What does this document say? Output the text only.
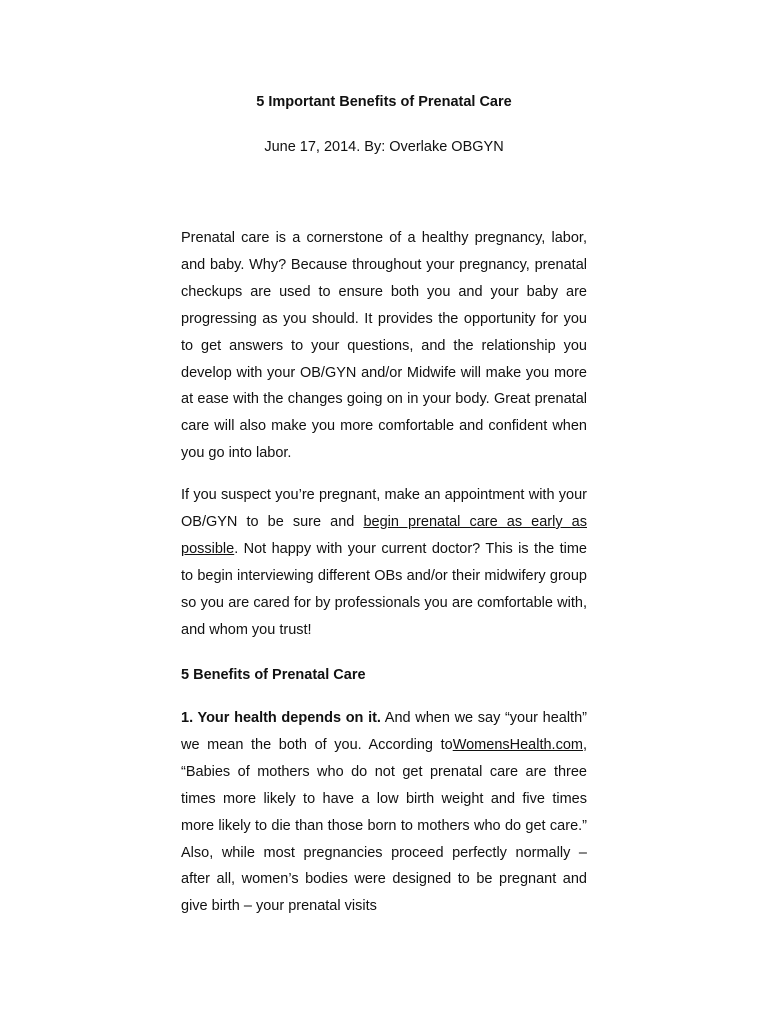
5 Important Benefits of Prenatal Care
June 17, 2014. By: Overlake OBGYN

Prenatal care is a cornerstone of a healthy pregnancy, labor, and baby. Why? Because throughout your pregnancy, prenatal checkups are used to ensure both you and your baby are progressing as you should. It provides the opportunity for you to get answers to your questions, and the relationship you develop with your OB/GYN and/or Midwife will make you more at ease with the changes going on in your body. Great prenatal care will also make you more comfortable and confident when you go into labor.

If you suspect you’re pregnant, make an appointment with your OB/GYN to be sure and begin prenatal care as early as possible. Not happy with your current doctor? This is the time to begin interviewing different OBs and/or their midwifery group so you are cared for by professionals you are comfortable with, and whom you trust!

5 Benefits of Prenatal Care

1. Your health depends on it. And when we say “your health” we mean the both of you. According toWomensHealth.com, “Babies of mothers who do not get prenatal care are three times more likely to have a low birth weight and five times more likely to die than those born to mothers who do get care.” Also, while most pregnancies proceed perfectly normally – after all, women’s bodies were designed to be pregnant and give birth – your prenatal visits
